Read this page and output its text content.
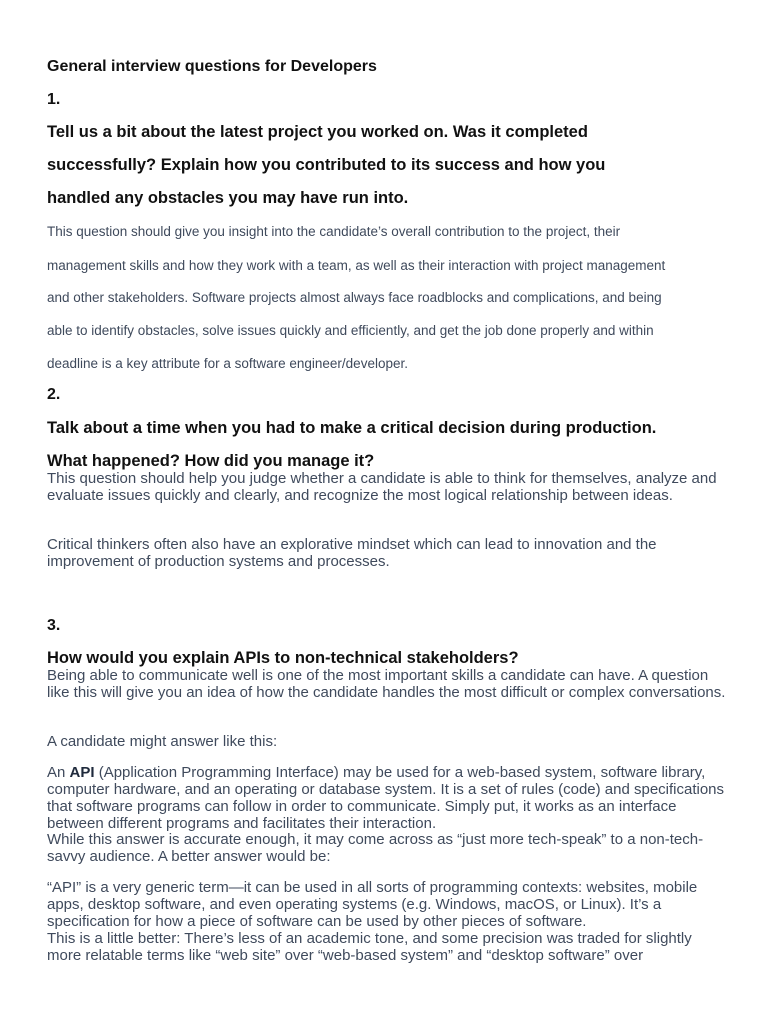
General interview questions for Developers
1.
Tell us a bit about the latest project you worked on. Was it completed
successfully? Explain how you contributed to its success and how you
handled any obstacles you may have run into.
This question should give you insight into the candidate’s overall contribution to the project, their
management skills and how they work with a team, as well as their interaction with project management
and other stakeholders. Software projects almost always face roadblocks and complications, and being
able to identify obstacles, solve issues quickly and efficiently, and get the job done properly and within
deadline is a key attribute for a software engineer/developer.
2.
Talk about a time when you had to make a critical decision during production.
What happened? How did you manage it?

This question should help you judge whether a candidate is able to think for themselves, analyze and evaluate issues quickly and clearly, and recognize the most logical relationship between ideas.

Critical thinkers often also have an explorative mindset which can lead to innovation and the improvement of production systems and processes.

3.
How would you explain APIs to non-technical stakeholders?

Being able to communicate well is one of the most important skills a candidate can have. A question like this will give you an idea of how the candidate handles the most difficult or complex conversations.

A candidate might answer like this:

An API (Application Programming Interface) may be used for a web-based system, software library, computer hardware, and an operating or database system. It is a set of rules (code) and specifications that software programs can follow in order to communicate. Simply put, it works as an interface between different programs and facilitates their interaction.

While this answer is accurate enough, it may come across as “just more tech-speak” to a non-tech-savvy audience. A better answer would be:

“API” is a very generic term—it can be used in all sorts of programming contexts: websites, mobile apps, desktop software, and even operating systems (e.g. Windows, macOS, or Linux). It’s a specification for how a piece of software can be used by other pieces of software.

This is a little better: There’s less of an academic tone, and some precision was traded for slightly more relatable terms like “web site” over “web-based system” and “desktop software” over
